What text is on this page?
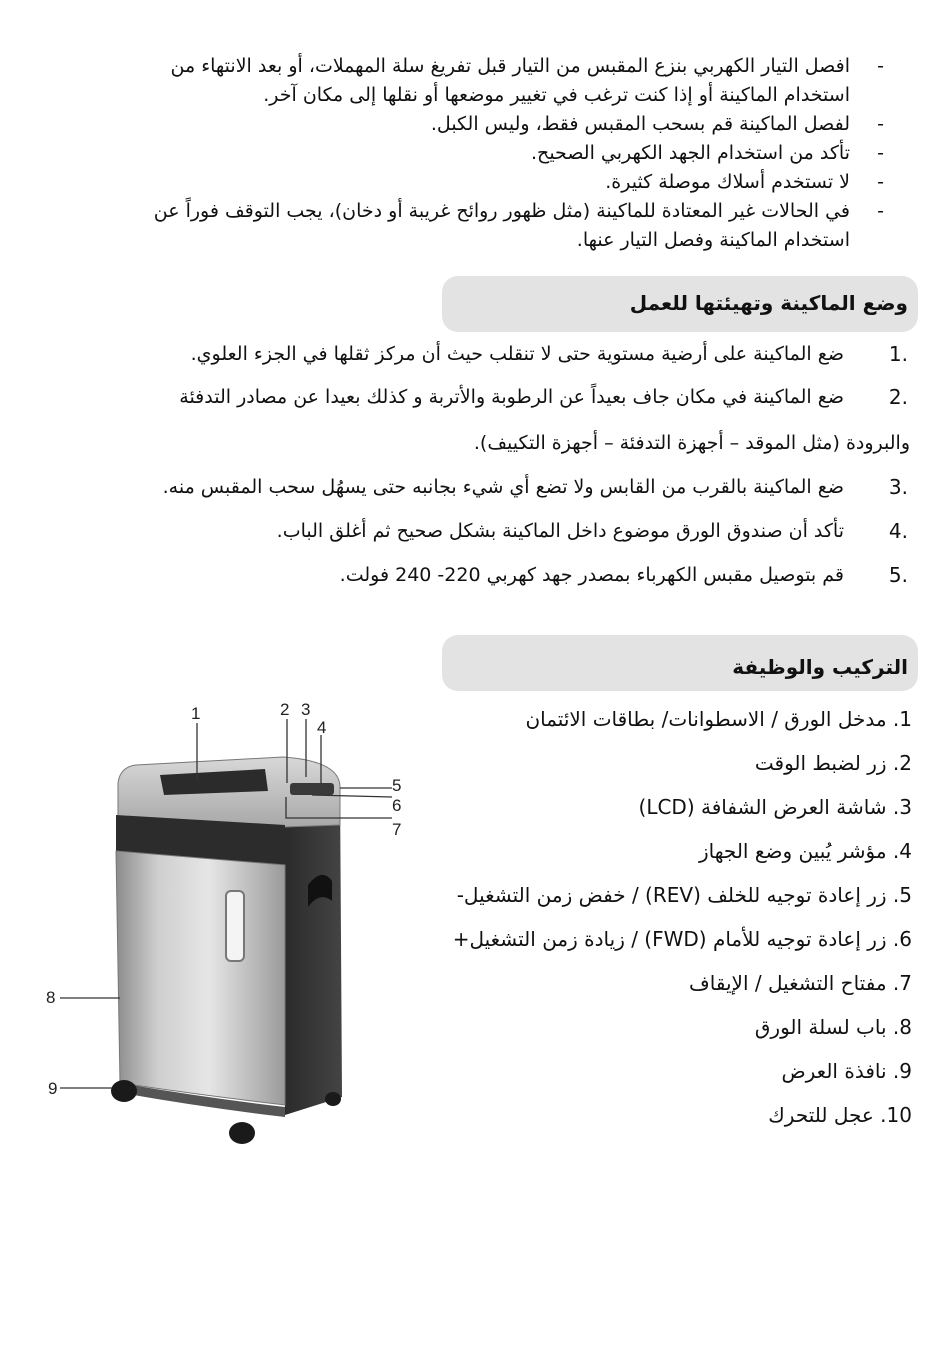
-
افصل التيار الكهربي بنزع المقبس من التيار قبل تفريغ سلة المهملات، أو بعد الانتهاء من استخدام الماكينة أو إذا كنت ترغب في تغيير موضعها أو نقلها إلى مكان آخر.
-
لفصل الماكينة قم بسحب المقبس فقط، وليس الكبل.
-
تأكد من استخدام الجهد الكهربي الصحيح.
-
لا تستخدم أسلاك موصلة كثيرة.
-
في الحالات غير المعتادة للماكينة (مثل ظهور روائح غريبة أو دخان)، يجب التوقف فوراً عن استخدام الماكينة وفصل التيار عنها.
وضع الماكينة وتهيئتها للعمل
1.
ضع الماكينة على أرضية مستوية حتى لا تنقلب حيث أن مركز ثقلها في الجزء العلوي.
2.
ضع الماكينة في مكان جاف بعيداً عن الرطوبة والأتربة و كذلك بعيدا عن مصادر التدفئة
والبرودة (مثل الموقد – أجهزة التدفئة – أجهزة التكييف).
3.
ضع الماكينة بالقرب من القابس ولا تضع أي شيء بجانبه حتى يسهُل سحب المقبس منه.
4.
تأكد أن صندوق الورق موضوع داخل الماكينة بشكل صحيح ثم أغلق الباب.
5.
قم بتوصيل مقبس الكهرباء بمصدر جهد كهربي 220- 240 فولت.
التركيب والوظيفة
1. مدخل الورق / الاسطوانات/ بطاقات الائتمان
2. زر لضبط الوقت
3. شاشة العرض الشفافة (LCD)
4. مؤشر يُبين وضع الجهاز
5. زر إعادة توجيه للخلف (REV) / خفض زمن التشغيل-
6. زر إعادة توجيه للأمام (FWD) / زيادة زمن التشغيل+
7. مفتاح التشغيل / الإيقاف
8. باب لسلة الورق
9. نافذة العرض
10. عجل للتحرك
1	2 3
4
5
6
7
8
9
